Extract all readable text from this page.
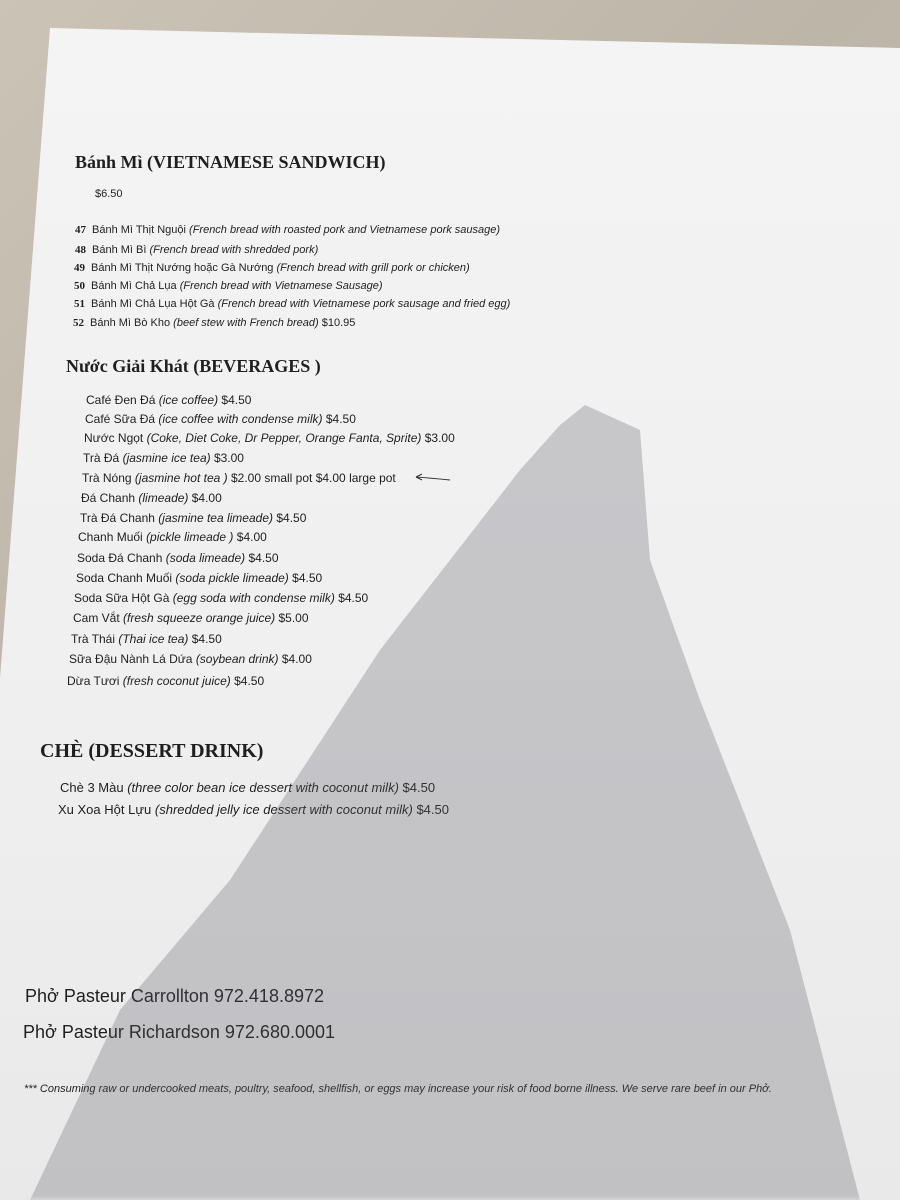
Bánh Mì (VIETNAMESE SANDWICH)

$6.50

47 Bánh Mì Thịt Nguội (French bread with roasted pork and Vietnamese pork sausage)

48 Bánh Mì Bì (French bread with shredded pork)

49 Bánh Mì Thịt Nướng hoặc Gà Nướng (French bread with grill pork or chicken)

50 Bánh Mì Chả Lụa (French bread with Vietnamese Sausage)

51 Bánh Mì Chả Lụa Hột Gà (French bread with Vietnamese pork sausage and fried egg)

52 Bánh Mì Bò Kho (beef stew with French bread) $10.95

Nước Giải Khát (BEVERAGES )

Café Đen Đá (ice coffee) $4.50

Café Sữa Đá (ice coffee with condense milk) $4.50

Nước Ngọt (Coke, Diet Coke, Dr Pepper, Orange Fanta, Sprite) $3.00

Trà Đá (jasmine ice tea) $3.00

Trà Nóng (jasmine hot tea ) $2.00 small pot $4.00 large pot

Đá Chanh (limeade) $4.00

Trà Đá Chanh (jasmine tea limeade) $4.50

Chanh Muối (pickle limeade ) $4.00

Soda Đá Chanh (soda limeade) $4.50

Soda Chanh Muối (soda pickle limeade) $4.50

Soda Sữa Hột Gà (egg soda with condense milk) $4.50

Cam Vắt (fresh squeeze orange juice) $5.00

Trà Thái (Thai ice tea) $4.50

Sữa Đậu Nành Lá Dứa (soybean drink) $4.00

Dừa Tươi (fresh coconut juice) $4.50

CHÈ (DESSERT DRINK)

Chè 3 Màu (three color bean ice dessert with coconut milk) $4.50

Xu Xoa Hột Lựu (shredded jelly ice dessert with coconut milk) $4.50

Phở Pasteur Carrollton 972.418.8972

Phở Pasteur Richardson 972.680.0001

*** Consuming raw or undercooked meats, poultry, seafood, shellfish, or eggs may increase your risk of food borne illness. We serve rare beef in our Phở.
